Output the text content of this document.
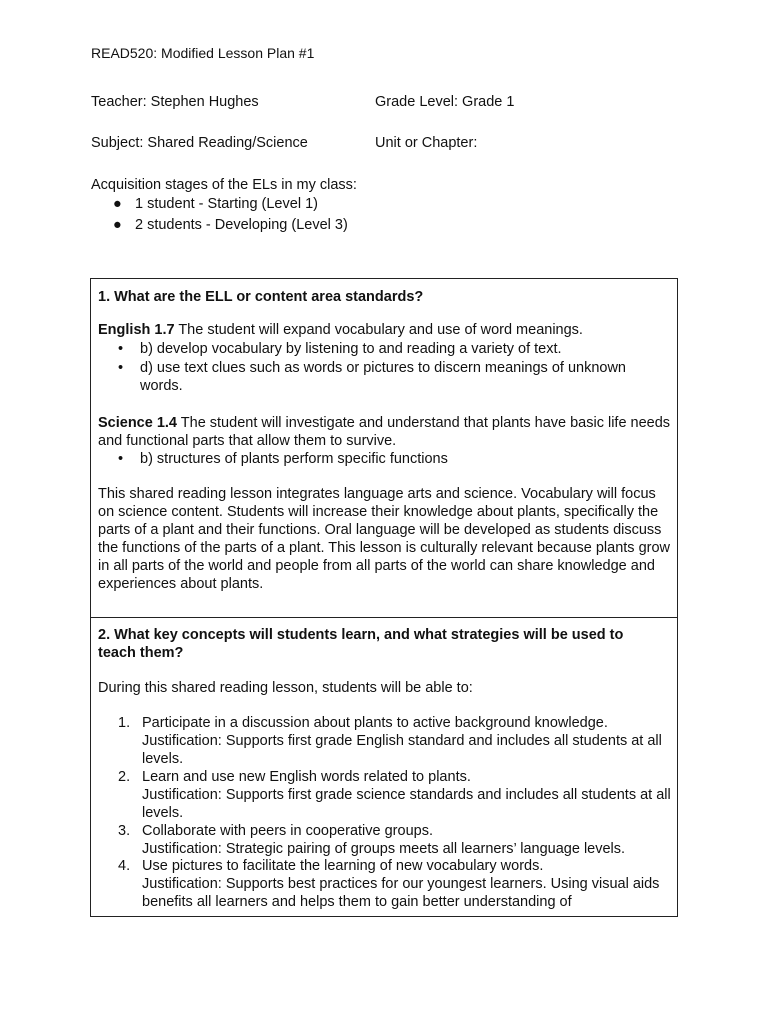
READ520: Modified Lesson Plan #1
Teacher: Stephen Hughes	Grade Level: Grade 1
Subject: Shared Reading/Science	Unit or Chapter:
Acquisition stages of the ELs in my class:
● 1 student - Starting (Level 1)
● 2 students - Developing (Level 3)
1. What are the ELL or content area standards?
English 1.7 The student will expand vocabulary and use of word meanings.
• b) develop vocabulary by listening to and reading a variety of text.
• d) use text clues such as words or pictures to discern meanings of unknown words.
Science 1.4 The student will investigate and understand that plants have basic life needs and functional parts that allow them to survive.
• b) structures of plants perform specific functions
This shared reading lesson integrates language arts and science. Vocabulary will focus on science content. Students will increase their knowledge about plants, specifically the parts of a plant and their functions. Oral language will be developed as students discuss the functions of the parts of a plant. This lesson is culturally relevant because plants grow in all parts of the world and people from all parts of the world can share knowledge and experiences about plants.
2. What key concepts will students learn, and what strategies will be used to teach them?
During this shared reading lesson, students will be able to:
1. Participate in a discussion about plants to active background knowledge.
Justification: Supports first grade English standard and includes all students at all levels.
2. Learn and use new English words related to plants.
Justification: Supports first grade science standards and includes all students at all levels.
3. Collaborate with peers in cooperative groups.
Justification: Strategic pairing of groups meets all learners’ language levels.
4. Use pictures to facilitate the learning of new vocabulary words.
Justification: Supports best practices for our youngest learners. Using visual aids benefits all learners and helps them to gain better understanding of
